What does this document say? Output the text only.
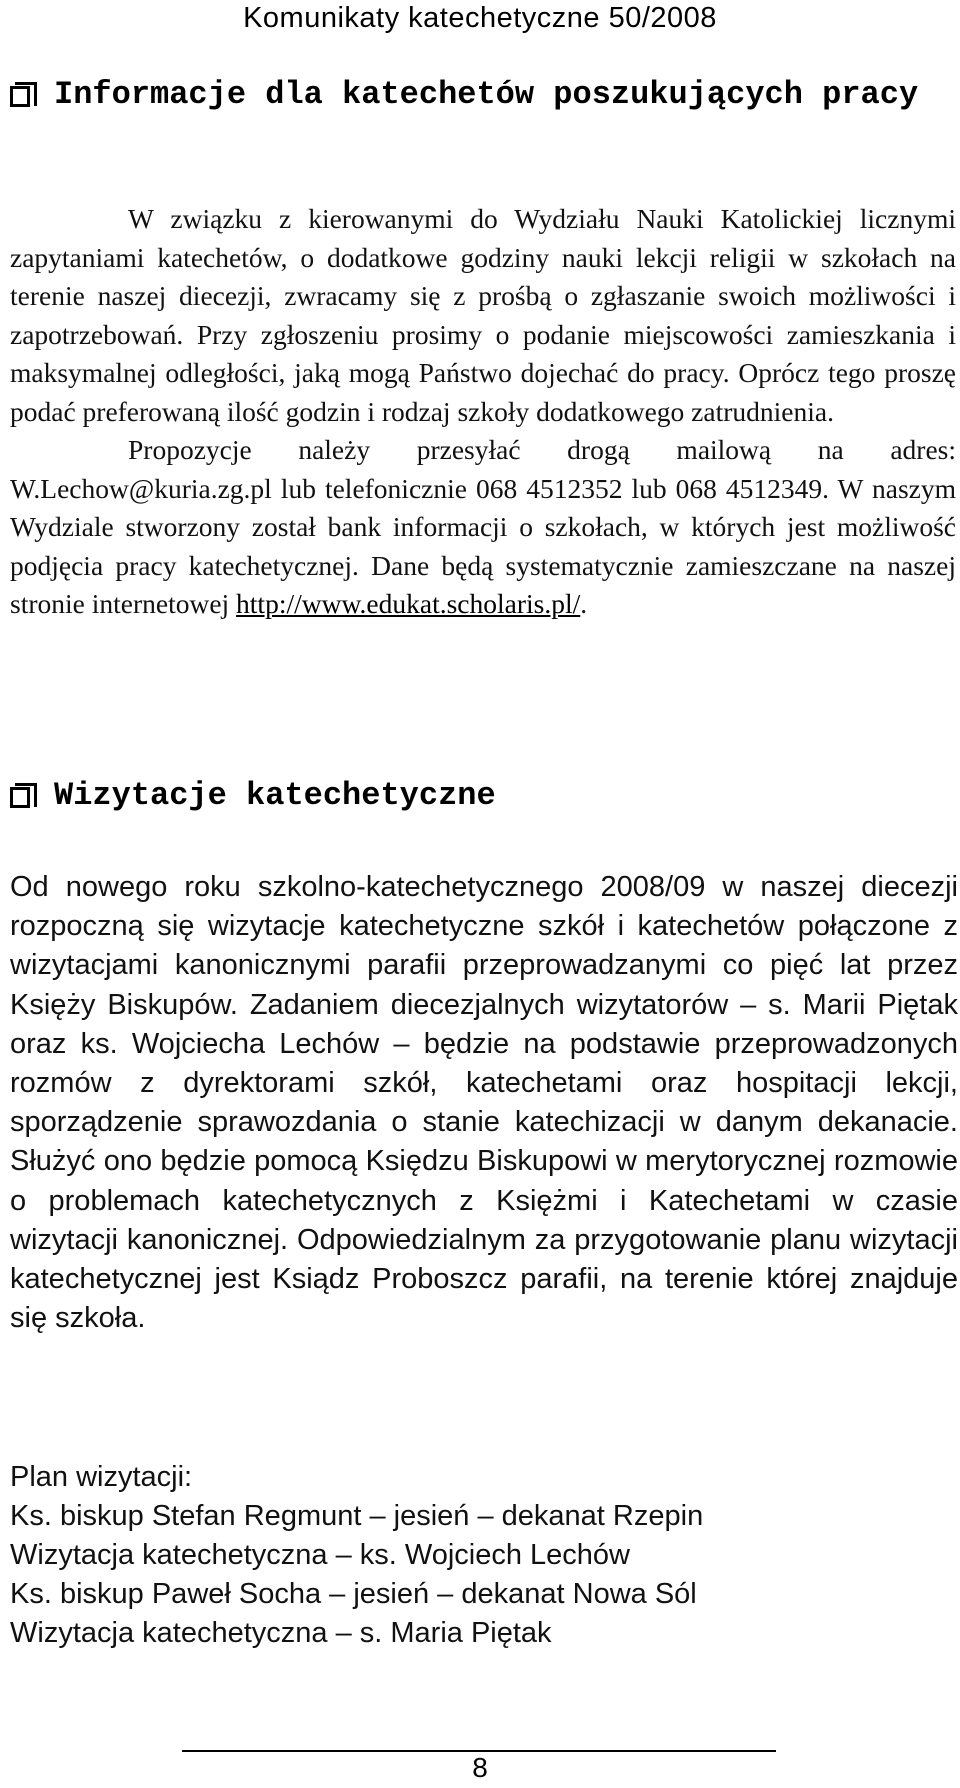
Komunikaty katechetyczne 50/2008
Informacje dla katechetów poszukujących pracy

W związku z kierowanymi do Wydziału Nauki Katolickiej licznymi zapytaniami katechetów, o dodatkowe godziny nauki lekcji religii w szkołach na terenie naszej diecezji, zwracamy się z prośbą o zgłaszanie swoich możliwości i zapotrzebowań. Przy zgłoszeniu prosimy o podanie miejscowości zamieszkania i maksymalnej odległości, jaką mogą Państwo dojechać do pracy. Oprócz tego proszę podać preferowaną ilość godzin i rodzaj szkoły dodatkowego zatrudnienia.

Propozycje należy przesyłać drogą mailową na adres: W.Lechow@kuria.zg.pl lub telefonicznie 068 4512352 lub 068 4512349. W naszym Wydziale stworzony został bank informacji o szkołach, w których jest możliwość podjęcia pracy katechetycznej. Dane będą systematycznie zamieszczane na naszej stronie internetowej http://www.edukat.scholaris.pl/.

Wizytacje katechetyczne
Od nowego roku szkolno-katechetycznego 2008/09 w naszej diecezji rozpoczną się wizytacje katechetyczne szkół i katechetów połączone z wizytacjami kanonicznymi parafii przeprowadzanymi co pięć lat przez Księży Biskupów. Zadaniem diecezjalnych wizytatorów – s. Marii Piętak oraz ks. Wojciecha Lechów – będzie na podstawie przeprowadzonych rozmów z dyrektorami szkół, katechetami oraz hospitacji lekcji, sporządzenie sprawozdania o stanie katechizacji w danym dekanacie. Służyć ono będzie pomocą Księdzu Biskupowi w merytorycznej rozmowie o problemach katechetycznych z Księżmi i Katechetami w czasie wizytacji kanonicznej. Odpowiedzialnym za przygotowanie planu wizytacji katechetycznej jest Ksiądz Proboszcz parafii, na terenie której znajduje się szkoła.
Plan wizytacji:
Ks. biskup Stefan Regmunt – jesień – dekanat Rzepin
Wizytacja katechetyczna – ks. Wojciech Lechów
Ks. biskup Paweł Socha – jesień – dekanat Nowa Sól
Wizytacja katechetyczna – s. Maria Piętak
8
